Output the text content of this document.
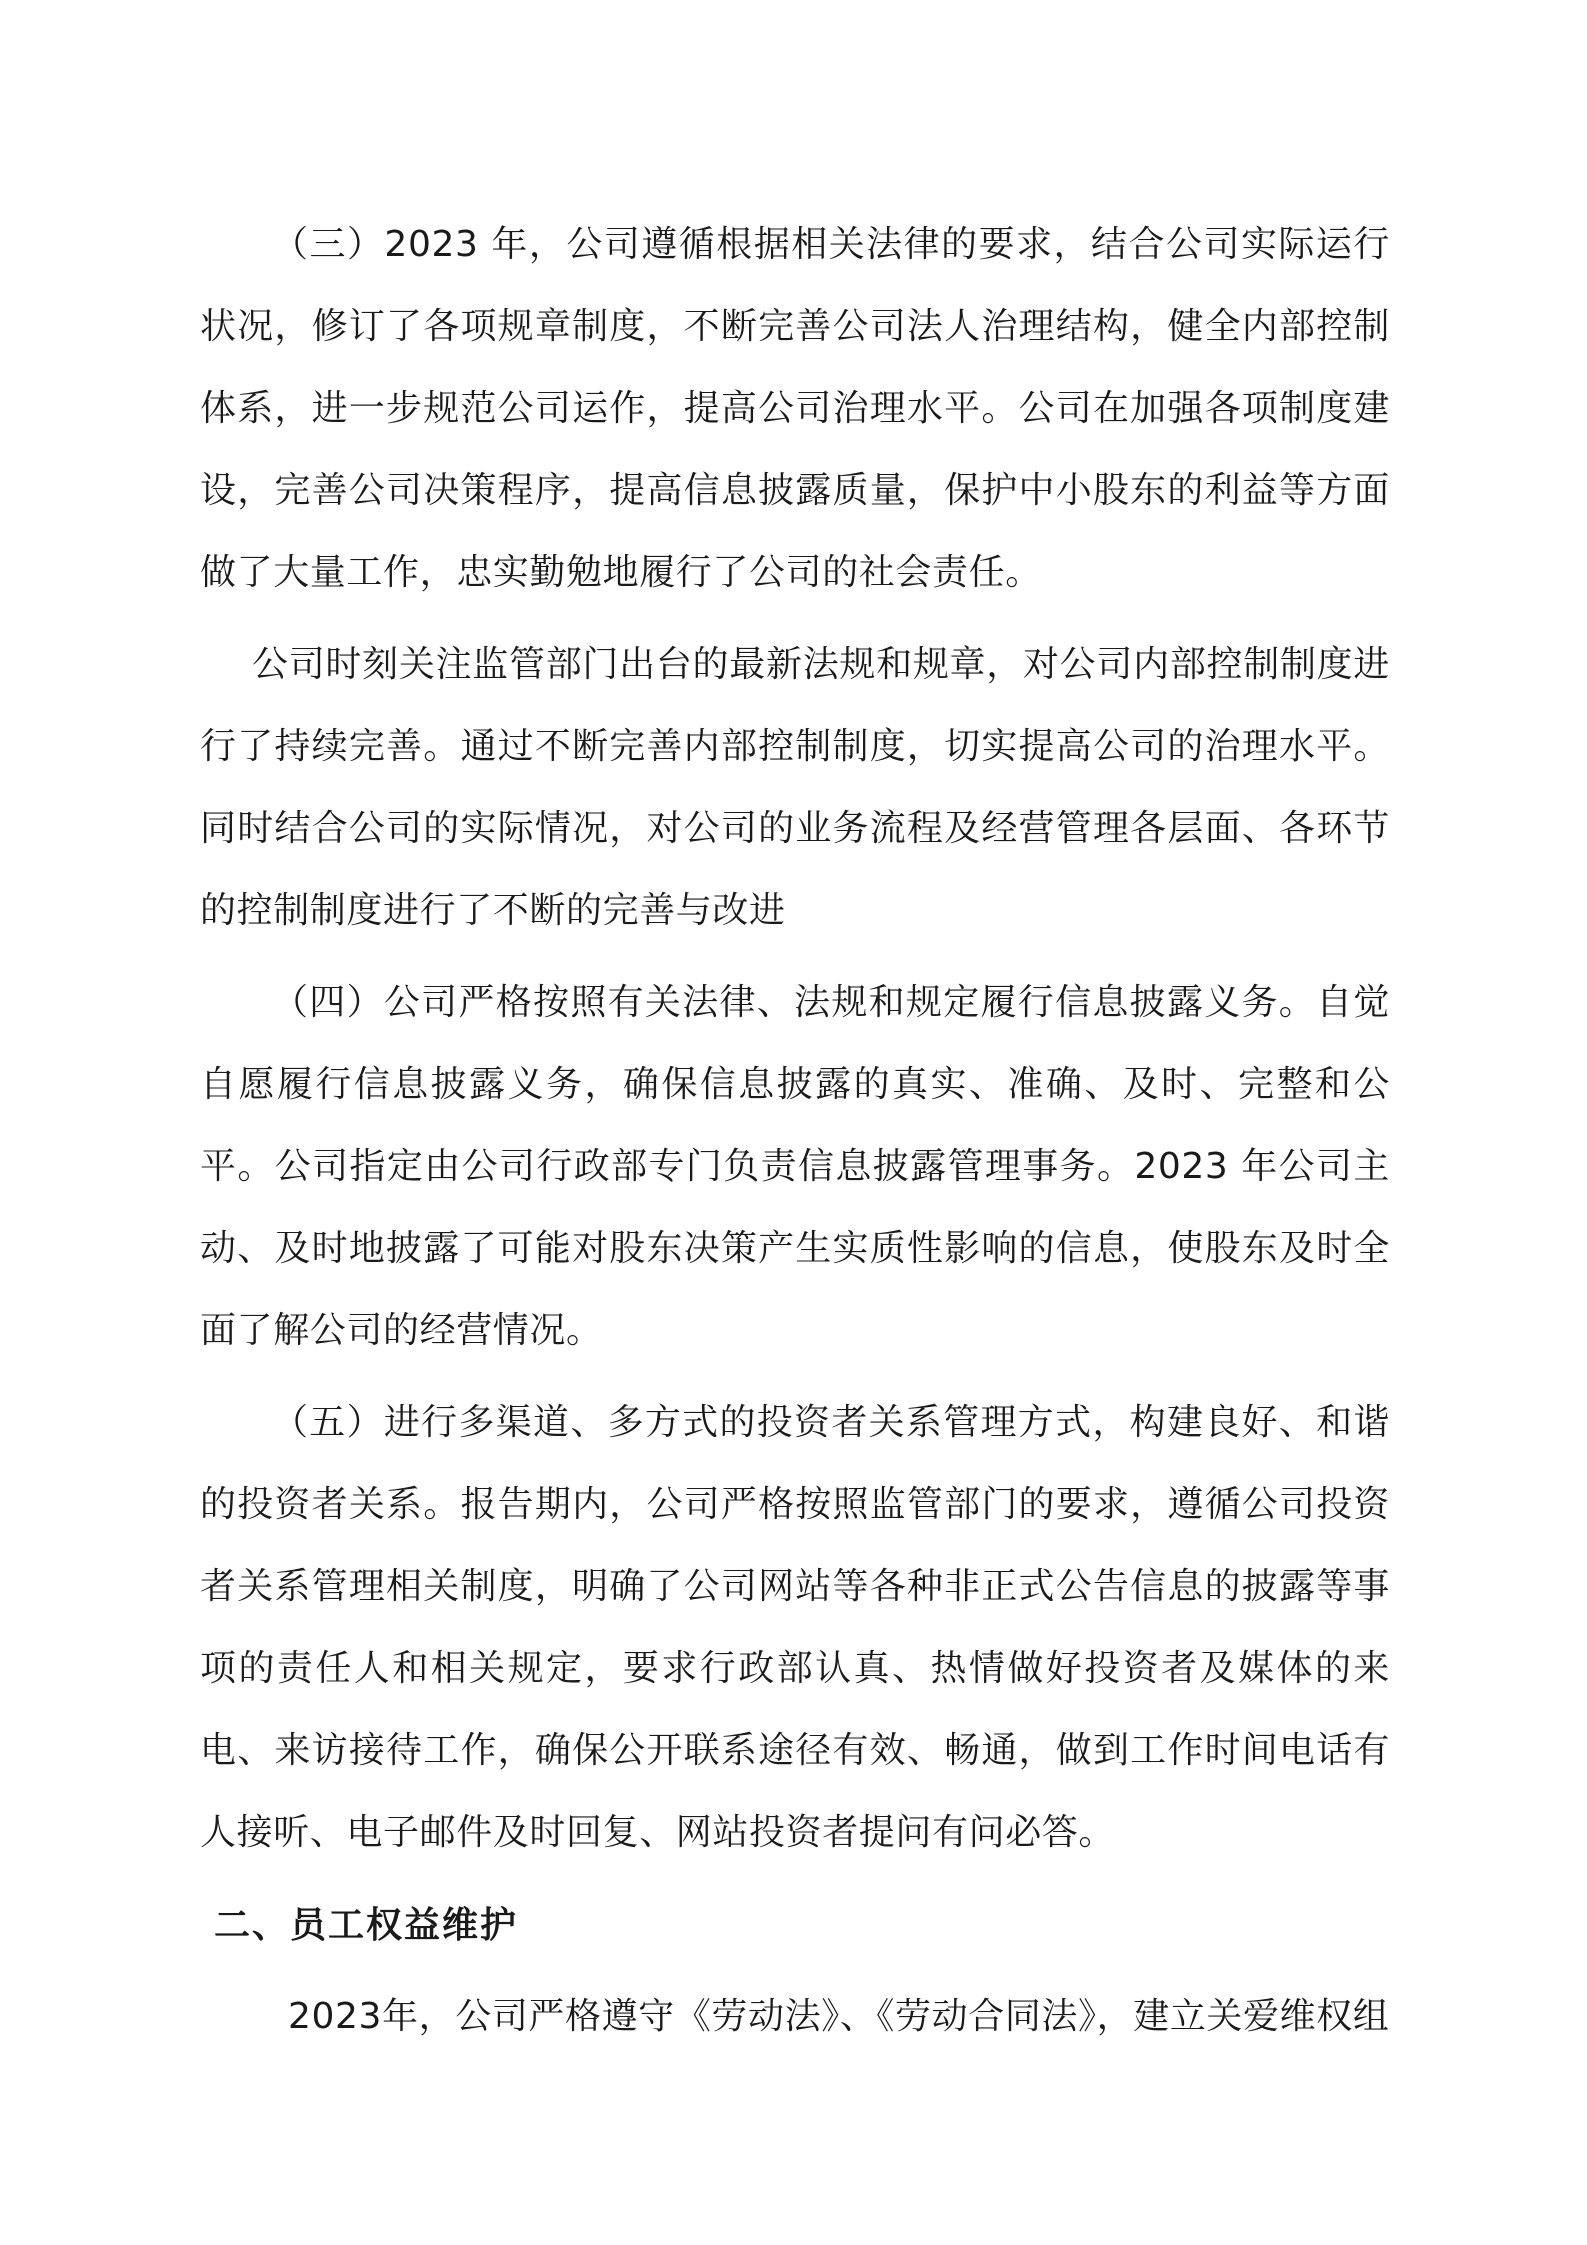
（三）2023 年，公司遵循根据相关法律的要求，结合公司实际运行状况，修订了各项规章制度，不断完善公司法人治理结构，健全内部控制体系，进一步规范公司运作，提高公司治理水平。公司在加强各项制度建设，完善公司决策程序，提高信息披露质量，保护中小股东的利益等方面做了大量工作，忠实勤勉地履行了公司的社会责任。

公司时刻关注监管部门出台的最新法规和规章，对公司内部控制制度进行了持续完善。通过不断完善内部控制制度，切实提高公司的治理水平。同时结合公司的实际情况，对公司的业务流程及经营管理各层面、各环节的控制制度进行了不断的完善与改进

（四）公司严格按照有关法律、法规和规定履行信息披露义务。自觉自愿履行信息披露义务，确保信息披露的真实、准确、及时、完整和公平。公司指定由公司行政部专门负责信息披露管理事务。2023 年公司主动、及时地披露了可能对股东决策产生实质性影响的信息，使股东及时全面了解公司的经营情况。

（五）进行多渠道、多方式的投资者关系管理方式，构建良好、和谐的投资者关系。报告期内，公司严格按照监管部门的要求，遵循公司投资者关系管理相关制度，明确了公司网站等各种非正式公告信息的披露等事项的责任人和相关规定，要求行政部认真、热情做好投资者及媒体的来电、来访接待工作，确保公开联系途径有效、畅通，做到工作时间电话有人接听、电子邮件及时回复、网站投资者提问有问必答。

二、员工权益维护

2023年，公司严格遵守《劳动法》、《劳动合同法》，建立关爱维权组
